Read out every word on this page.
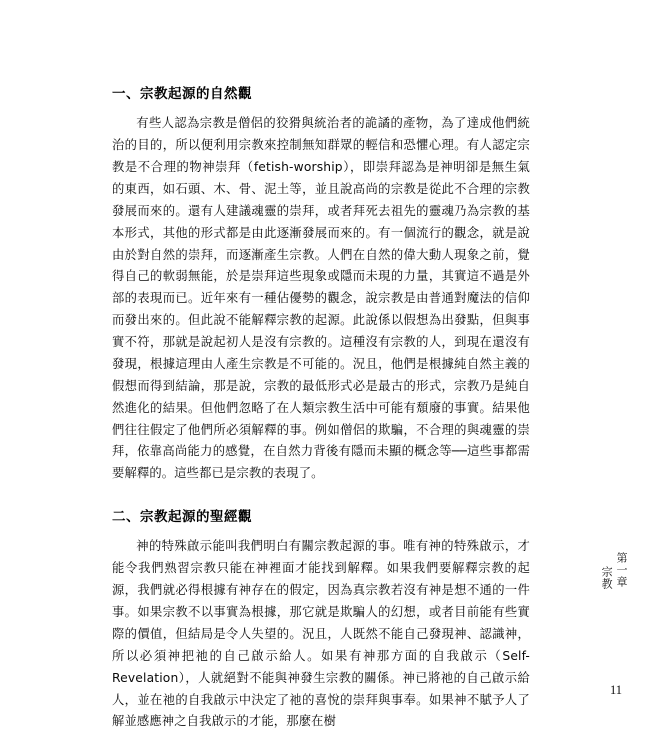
一、宗教起源的自然觀

有些人認為宗教是僧侶的狡猾與統治者的詭譎的產物，為了達成他們統治的目的，所以便利用宗教來控制無知群眾的輕信和恐懼心理。有人認定宗教是不合理的物神崇拜（fetish-worship），即崇拜認為是神明卻是無生氣的東西，如石頭、木、骨、泥土等，並且說高尚的宗教是從此不合理的宗教發展而來的。還有人建議魂靈的崇拜，或者拜死去祖先的靈魂乃為宗教的基本形式，其他的形式都是由此逐漸發展而來的。有一個流行的觀念，就是說由於對自然的崇拜，而逐漸產生宗教。人們在自然的偉大動人現象之前，覺得自己的軟弱無能，於是崇拜這些現象或隱而未現的力量，其實這不過是外部的表現而已。近年來有一種佔優勢的觀念，說宗教是由普通對魔法的信仰而發出來的。但此說不能解釋宗教的起源。此說係以假想為出發點，但與事實不符，那就是說起初人是沒有宗教的。這種沒有宗教的人，到現在還沒有發現，根據這理由人產生宗教是不可能的。況且，他們是根據純自然主義的假想而得到結論，那是說，宗教的最低形式必是最古的形式，宗教乃是純自然進化的結果。但他們忽略了在人類宗教生活中可能有頹廢的事實。結果他們往往假定了他們所必須解釋的事。例如僧侶的欺騙，不合理的與魂靈的崇拜，依靠高尚能力的感覺，在自然力背後有隱而未顯的概念等──這些事都需要解釋的。這些都已是宗教的表現了。

二、宗教起源的聖經觀

神的特殊啟示能叫我們明白有關宗教起源的事。唯有神的特殊啟示，才能令我們熟習宗教只能在神裡面才能找到解釋。如果我們要解釋宗教的起源，我們就必得根據有神存在的假定，因為真宗教若沒有神是想不通的一件事。如果宗教不以事實為根據，那它就是欺騙人的幻想，或者目前能有些實際的價值，但結局是令人失望的。況且，人既然不能自己發現神、認識神，所以必須神把祂的自己啟示給人。如果有神那方面的自我啟示（Self-Revelation），人就絕對不能與神發生宗教的關係。神已將祂的自己啟示給人，並在祂的自我啟示中決定了祂的喜悅的崇拜與事奉。如果神不賦予人了解並感應神之自我啟示的才能，那麼在樹

第一章
宗教
11
